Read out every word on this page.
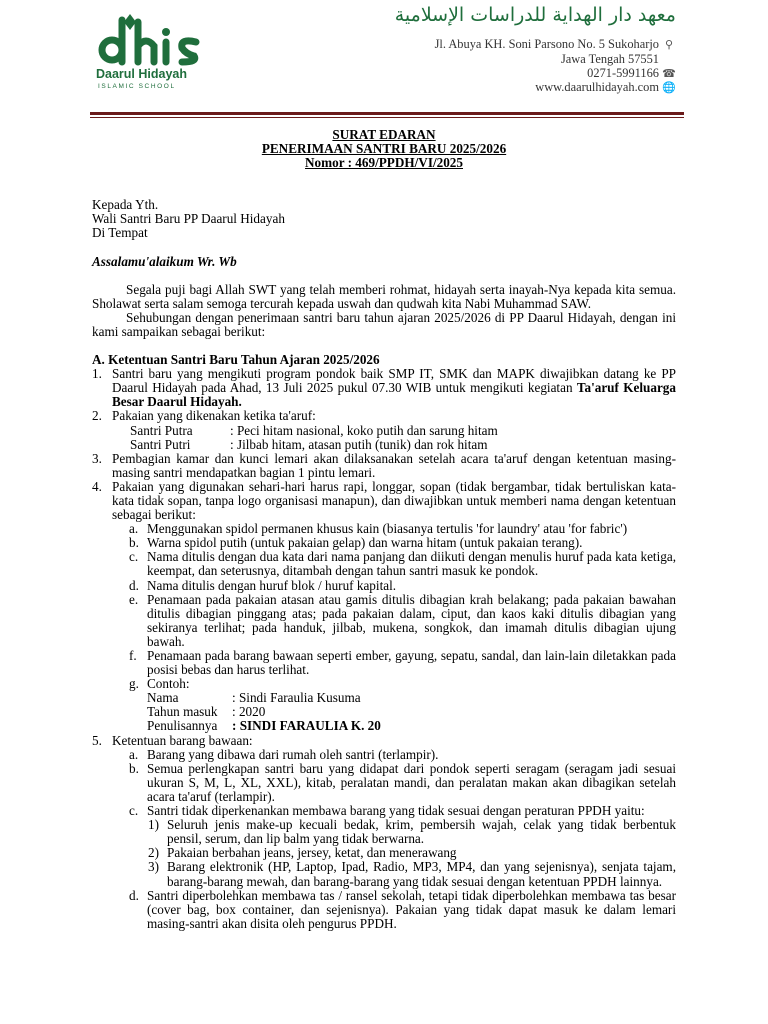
Daarul Hidayah
ISLAMIC SCHOOL
معهد دار الهداية للدراسات الإسلامية
Jl. Abuya KH. Soni Parsono No. 5 Sukoharjo ⚲
Jawa Tengah 57551
0271-5991166 ☎
www.daarulhidayah.com 🌐
SURAT EDARAN
PENERIMAAN SANTRI BARU 2025/2026
Nomor : 469/PPDH/VI/2025

Kepada Yth.

Wali Santri Baru PP Daarul Hidayah

Di Tempat

Assalamu'alaikum Wr. Wb

Segala puji bagi Allah SWT yang telah memberi rohmat, hidayah serta inayah-Nya kepada kita semua. Sholawat serta salam semoga tercurah kepada uswah dan qudwah kita Nabi Muhammad SAW.

Sehubungan dengan penerimaan santri baru tahun ajaran 2025/2026 di PP Daarul Hidayah, dengan ini kami sampaikan sebagai berikut:

A. Ketentuan Santri Baru Tahun Ajaran 2025/2026

1. Santri baru yang mengikuti program pondok baik SMP IT, SMK dan MAPK diwajibkan datang ke PP Daarul Hidayah pada Ahad, 13 Juli 2025 pukul 07.30 WIB untuk mengikuti kegiatan Ta'aruf Keluarga Besar Daarul Hidayah.
2. Pakaian yang dikenakan ketika ta'aruf:
Santri Putra	: Peci hitam nasional, koko putih dan sarung hitam
Santri Putri	: Jilbab hitam, atasan putih (tunik) dan rok hitam
3. Pembagian kamar dan kunci lemari akan dilaksanakan setelah acara ta'aruf dengan ketentuan masing-masing santri mendapatkan bagian 1 pintu lemari.
4. Pakaian yang digunakan sehari-hari harus rapi, longgar, sopan (tidak bergambar, tidak bertuliskan kata-kata tidak sopan, tanpa logo organisasi manapun), dan diwajibkan untuk memberi nama dengan ketentuan sebagai berikut:
a. Menggunakan spidol permanen khusus kain (biasanya tertulis 'for laundry' atau 'for fabric')
b. Warna spidol putih (untuk pakaian gelap) dan warna hitam (untuk pakaian terang).
c. Nama ditulis dengan dua kata dari nama panjang dan diikuti dengan menulis huruf pada kata ketiga, keempat, dan seterusnya, ditambah dengan tahun santri masuk ke pondok.
d. Nama ditulis dengan huruf blok / huruf kapital.
e. Penamaan pada pakaian atasan atau gamis ditulis dibagian krah belakang; pada pakaian bawahan ditulis dibagian pinggang atas; pada pakaian dalam, ciput, dan kaos kaki ditulis dibagian yang sekiranya terlihat; pada handuk, jilbab, mukena, songkok, dan imamah ditulis dibagian ujung bawah.
f. Penamaan pada barang bawaan seperti ember, gayung, sepatu, sandal, dan lain-lain diletakkan pada posisi bebas dan harus terlihat.
g. Contoh:
Nama	: Sindi Faraulia Kusuma
Tahun masuk : 2020
Penulisannya : SINDI FARAULIA K. 20
5. Ketentuan barang bawaan:
a. Barang yang dibawa dari rumah oleh santri (terlampir).
b. Semua perlengkapan santri baru yang didapat dari pondok seperti seragam (seragam jadi sesuai ukuran S, M, L, XL, XXL), kitab, peralatan mandi, dan peralatan makan akan dibagikan setelah acara ta'aruf (terlampir).
c. Santri tidak diperkenankan membawa barang yang tidak sesuai dengan peraturan PPDH yaitu:
1) Seluruh jenis make-up kecuali bedak, krim, pembersih wajah, celak yang tidak berbentuk pensil, serum, dan lip balm yang tidak berwarna.
2) Pakaian berbahan jeans, jersey, ketat, dan menerawang
3) Barang elektronik (HP, Laptop, Ipad, Radio, MP3, MP4, dan yang sejenisnya), senjata tajam, barang-barang mewah, dan barang-barang yang tidak sesuai dengan ketentuan PPDH lainnya.
d. Santri diperbolehkan membawa tas / ransel sekolah, tetapi tidak diperbolehkan membawa tas besar (cover bag, box container, dan sejenisnya). Pakaian yang tidak dapat masuk ke dalam lemari masing-santri akan disita oleh pengurus PPDH.
